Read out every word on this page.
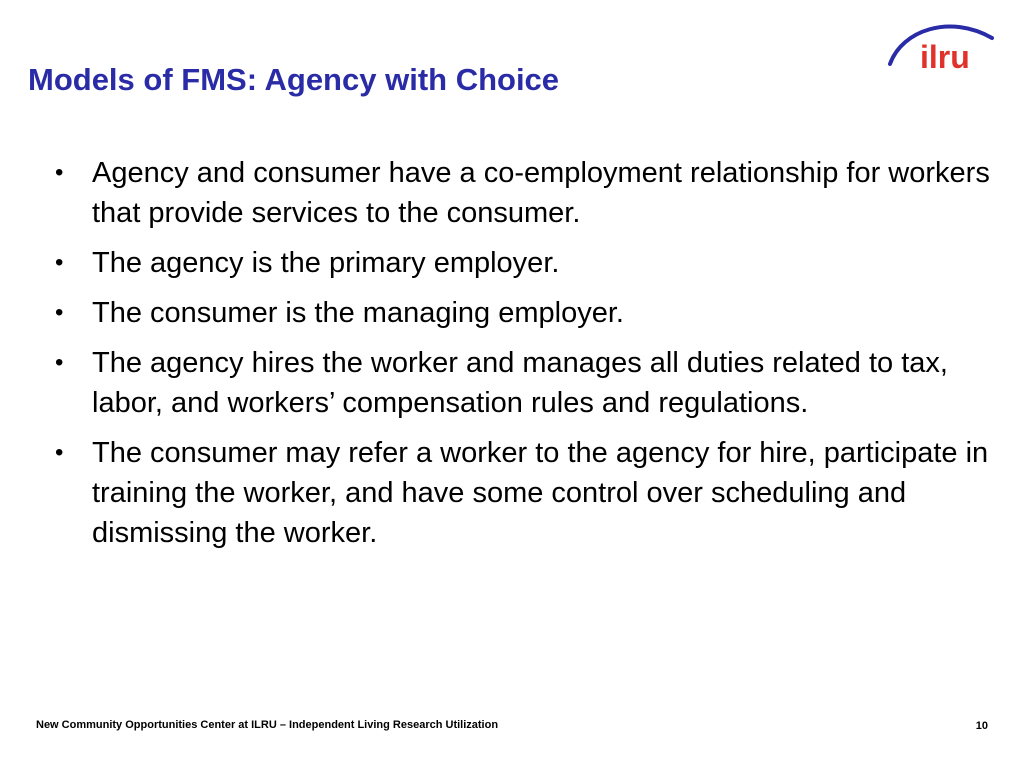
Models of FMS: Agency with Choice
ilru
• Agency and consumer have a co-employment relationship for workers that provide services to the consumer.
• The agency is the primary employer.
• The consumer is the managing employer.
• The agency hires the worker and manages all duties related to tax, labor, and workers’ compensation rules and regulations.
• The consumer may refer a worker to the agency for hire, participate in training the worker, and have some control over scheduling and dismissing the worker.
New Community Opportunities Center at ILRU – Independent Living Research Utilization	10
